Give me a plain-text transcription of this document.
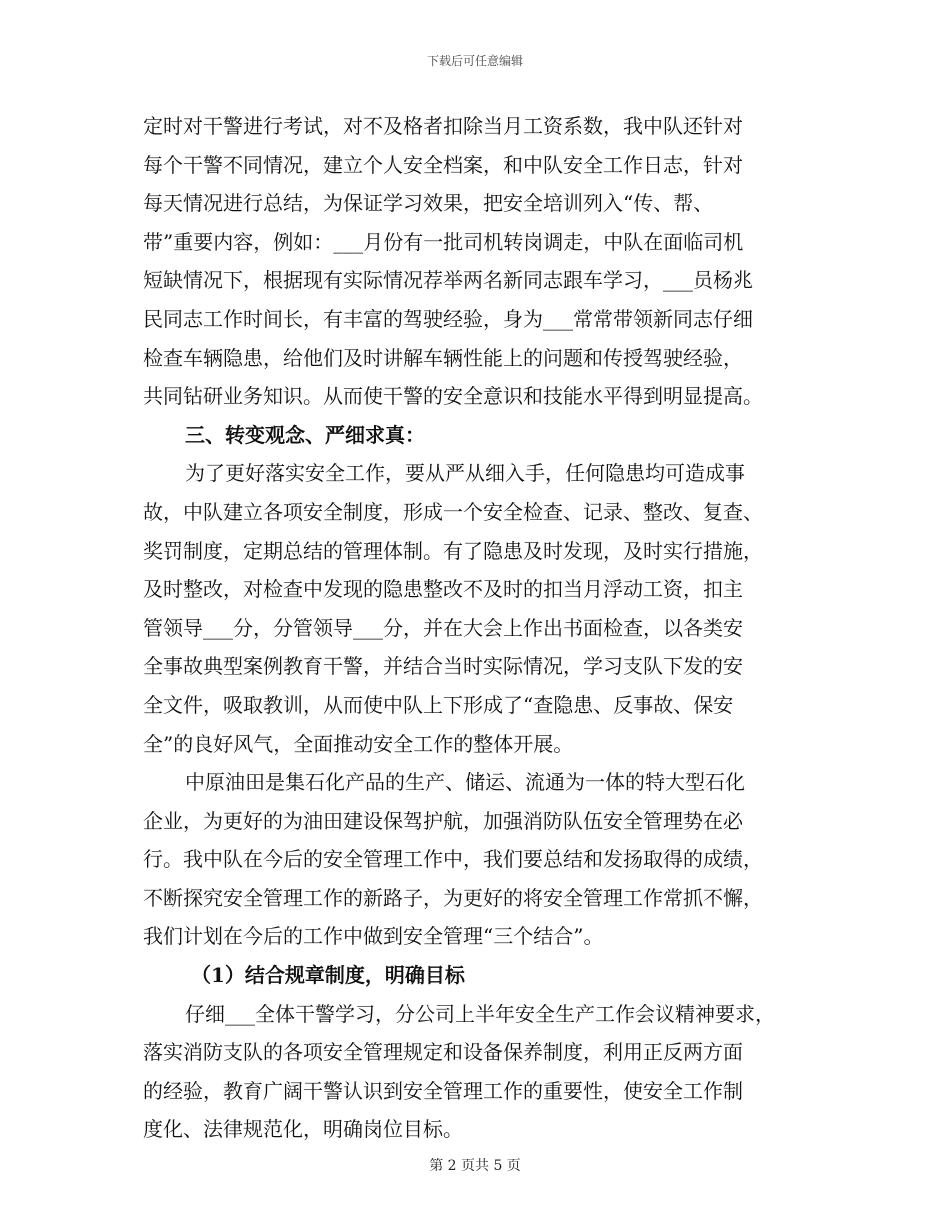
下载后可任意编辑
定时对干警进行考试，对不及格者扣除当月工资系数，我中队还针对
每个干警不同情况，建立个人安全档案，和中队安全工作日志，针对
每天情况进行总结，为保证学习效果，把安全培训列入“传、帮、
带”重要内容，例如：___月份有一批司机转岗调走，中队在面临司机
短缺情况下，根据现有实际情况荐举两名新同志跟车学习，___员杨兆
民同志工作时间长，有丰富的驾驶经验，身为___常常带领新同志仔细
检查车辆隐患，给他们及时讲解车辆性能上的问题和传授驾驶经验，
共同钻研业务知识。从而使干警的安全意识和技能水平得到明显提高。
三、转变观念、严细求真：
为了更好落实安全工作，要从严从细入手，任何隐患均可造成事
故，中队建立各项安全制度，形成一个安全检查、记录、整改、复查、
奖罚制度，定期总结的管理体制。有了隐患及时发现，及时实行措施，
及时整改，对检查中发现的隐患整改不及时的扣当月浮动工资，扣主
管领导___分，分管领导___分，并在大会上作出书面检查，以各类安
全事故典型案例教育干警，并结合当时实际情况，学习支队下发的安
全文件，吸取教训，从而使中队上下形成了“查隐患、反事故、保安
全”的良好风气，全面推动安全工作的整体开展。
中原油田是集石化产品的生产、储运、流通为一体的特大型石化
企业，为更好的为油田建设保驾护航，加强消防队伍安全管理势在必
行。我中队在今后的安全管理工作中，我们要总结和发扬取得的成绩，
不断探究安全管理工作的新路子，为更好的将安全管理工作常抓不懈，
我们计划在今后的工作中做到安全管理“三个结合”。
（1）结合规章制度，明确目标
仔细___全体干警学习，分公司上半年安全生产工作会议精神要求，
落实消防支队的各项安全管理规定和设备保养制度，利用正反两方面
的经验，教育广阔干警认识到安全管理工作的重要性，使安全工作制
度化、法律规范化，明确岗位目标。
第 2 页共 5 页
